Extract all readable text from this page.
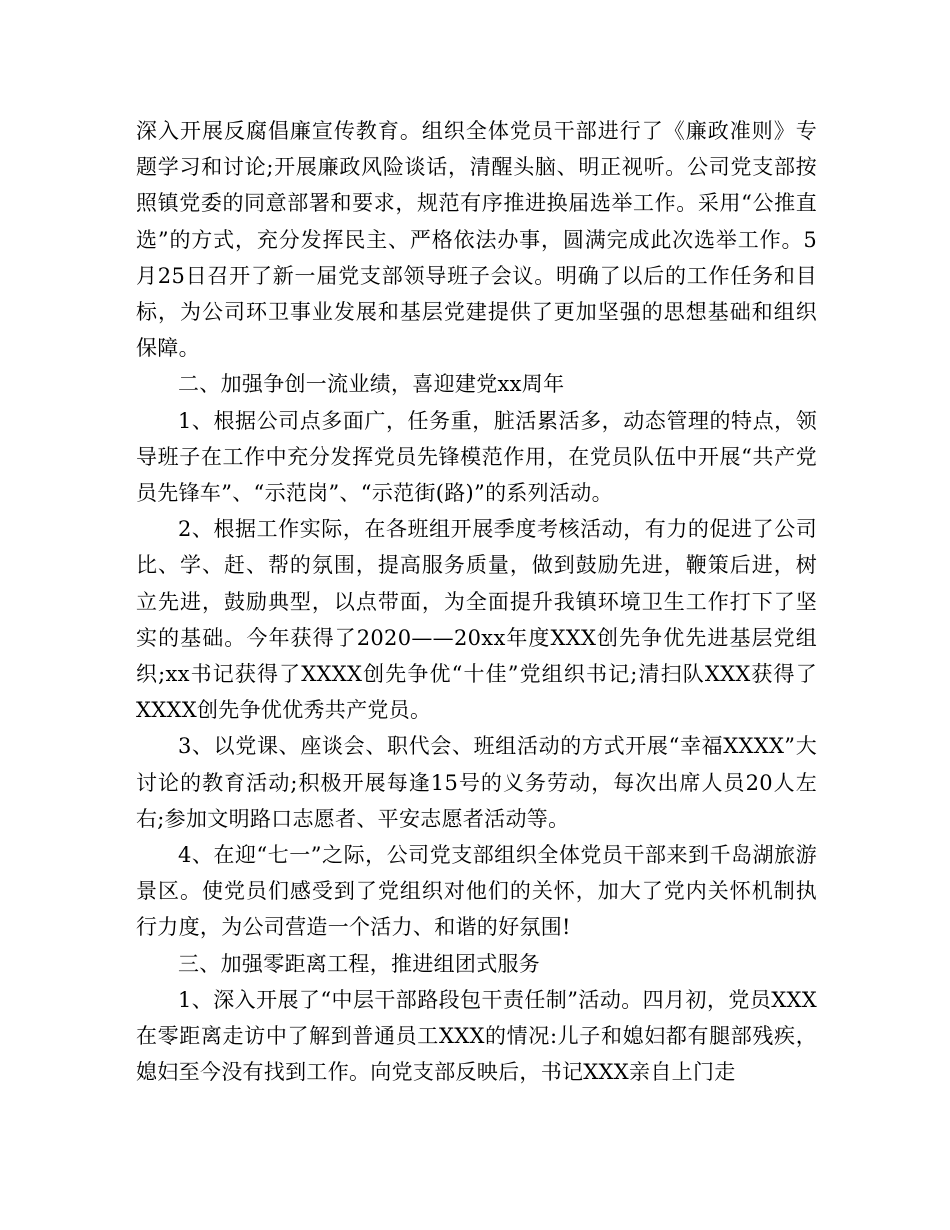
深入开展反腐倡廉宣传教育。组织全体党员干部进行了《廉政准则》专题学习和讨论;开展廉政风险谈话，清醒头脑、明正视听。公司党支部按照镇党委的同意部署和要求，规范有序推进换届选举工作。采用“公推直选”的方式，充分发挥民主、严格依法办事，圆满完成此次选举工作。5月25日召开了新一届党支部领导班子会议。明确了以后的工作任务和目标，为公司环卫事业发展和基层党建提供了更加坚强的思想基础和组织保障。

二、加强争创一流业绩，喜迎建党xx周年

1、根据公司点多面广，任务重，脏活累活多，动态管理的特点，领导班子在工作中充分发挥党员先锋模范作用，在党员队伍中开展“共产党员先锋车”、“示范岗”、“示范街(路)”的系列活动。

2、根据工作实际，在各班组开展季度考核活动，有力的促进了公司比、学、赶、帮的氛围，提高服务质量，做到鼓励先进，鞭策后进，树立先进，鼓励典型，以点带面，为全面提升我镇环境卫生工作打下了坚实的基础。今年获得了2020——20xx年度XXX创先争优先进基层党组织;xx书记获得了XXXX创先争优“十佳”党组织书记;清扫队XXX获得了XXXX创先争优优秀共产党员。

3、以党课、座谈会、职代会、班组活动的方式开展“幸福XXXX”大讨论的教育活动;积极开展每逢15号的义务劳动，每次出席人员20人左右;参加文明路口志愿者、平安志愿者活动等。

4、在迎“七一”之际，公司党支部组织全体党员干部来到千岛湖旅游景区。使党员们感受到了党组织对他们的关怀，加大了党内关怀机制执行力度，为公司营造一个活力、和谐的好氛围!

三、加强零距离工程，推进组团式服务

1、深入开展了“中层干部路段包干责任制”活动。四月初，党员XXX在零距离走访中了解到普通员工XXX的情况:儿子和媳妇都有腿部残疾，媳妇至今没有找到工作。向党支部反映后，书记XXX亲自上门走
